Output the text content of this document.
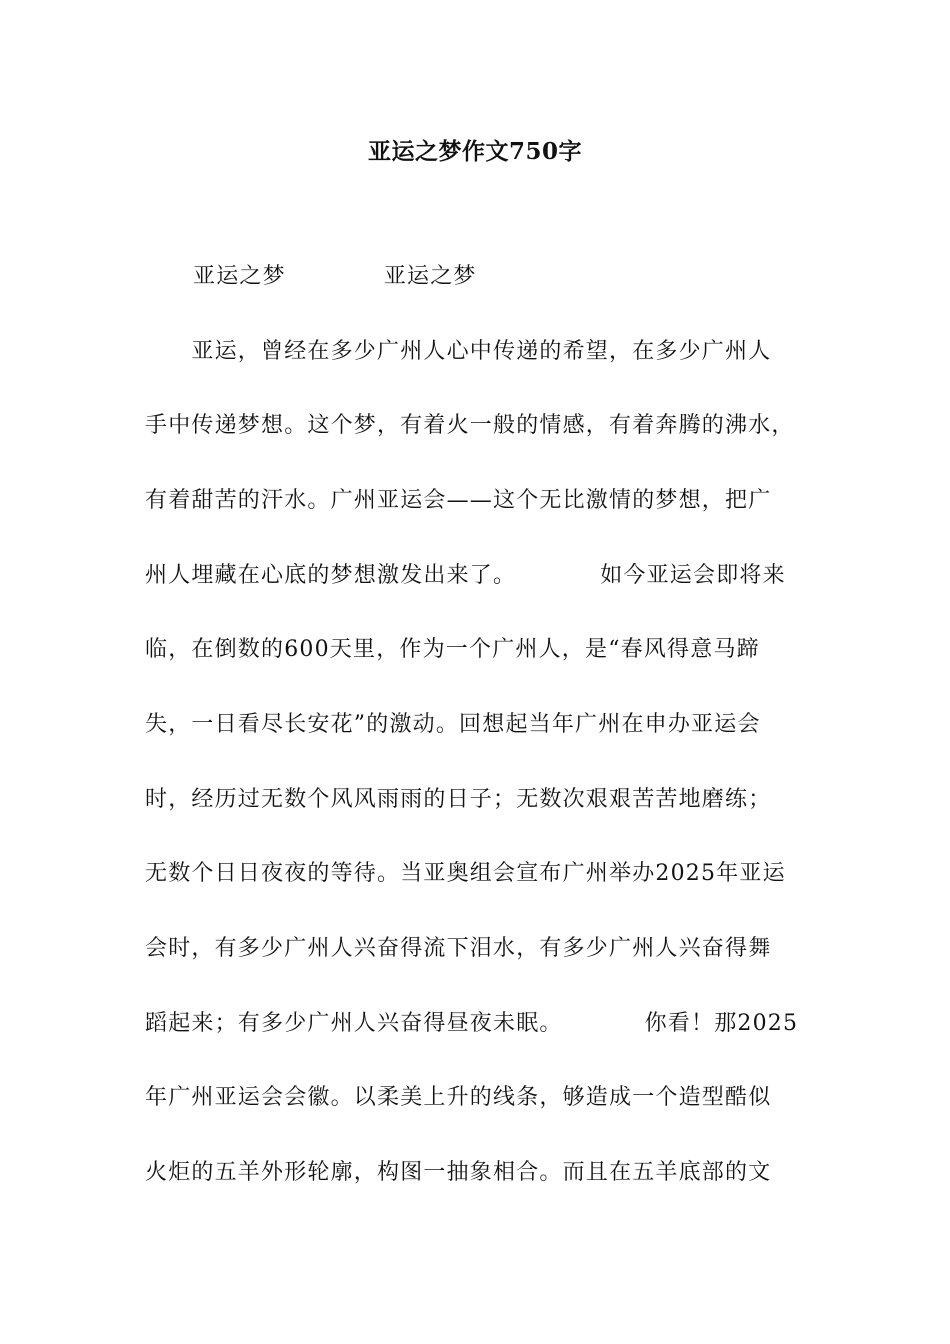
亚运之梦作文750字
亚运之梦	亚运之梦
　　亚运，曾经在多少广州人心中传递的希望，在多少广州人
手中传递梦想。这个梦，有着火一般的情感，有着奔腾的沸水，
有着甜苦的汗水。广州亚运会——这个无比激情的梦想，把广
州人埋藏在心底的梦想激发出来了。	如今亚运会即将来
临，在倒数的600天里，作为一个广州人，是“春风得意马蹄
失，一日看尽长安花”的激动。回想起当年广州在申办亚运会
时，经历过无数个风风雨雨的日子；无数次艰艰苦苦地磨练；
无数个日日夜夜的等待。当亚奥组会宣布广州举办2025年亚运
会时，有多少广州人兴奋得流下泪水，有多少广州人兴奋得舞
蹈起来；有多少广州人兴奋得昼夜未眠。	你看！那2025
年广州亚运会会徽。以柔美上升的线条，够造成一个造型酷似
火炬的五羊外形轮廓，构图一抽象相合。而且在五羊底部的文
